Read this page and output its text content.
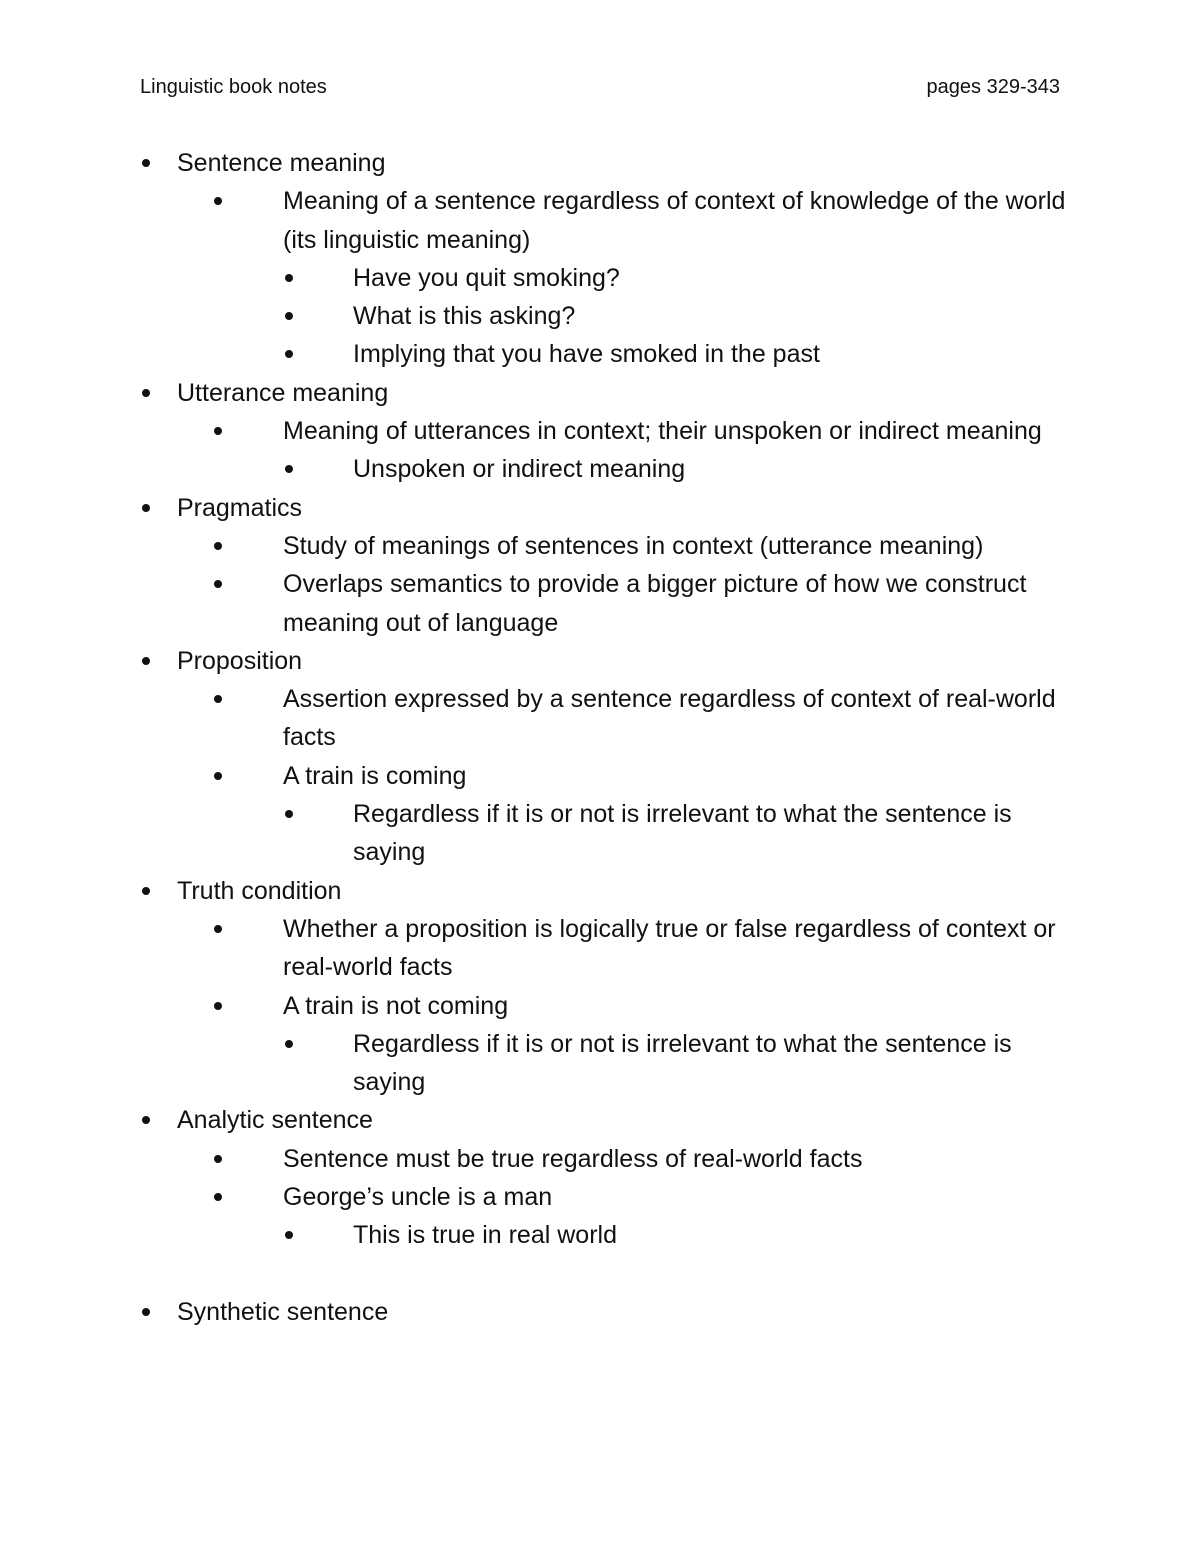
Linguistic book notes	pages 329-343
Sentence meaning
Meaning of a sentence regardless of context of knowledge of the world (its linguistic meaning)
Have you quit smoking?
What is this asking?
Implying that you have smoked in the past
Utterance meaning
Meaning of utterances in context; their unspoken or indirect meaning
Unspoken or indirect meaning
Pragmatics
Study of meanings of sentences in context (utterance meaning)
Overlaps semantics to provide a bigger picture of how we construct meaning out of language
Proposition
Assertion expressed by a sentence regardless of context of real-world facts
A train is coming
Regardless if it is or not is irrelevant to what the sentence is saying
Truth condition
Whether a proposition is logically true or false regardless of context or real-world facts
A train is not coming
Regardless if it is or not is irrelevant to what the sentence is saying
Analytic sentence
Sentence must be true regardless of real-world facts
George’s uncle is a man
This is true in real world
Synthetic sentence
